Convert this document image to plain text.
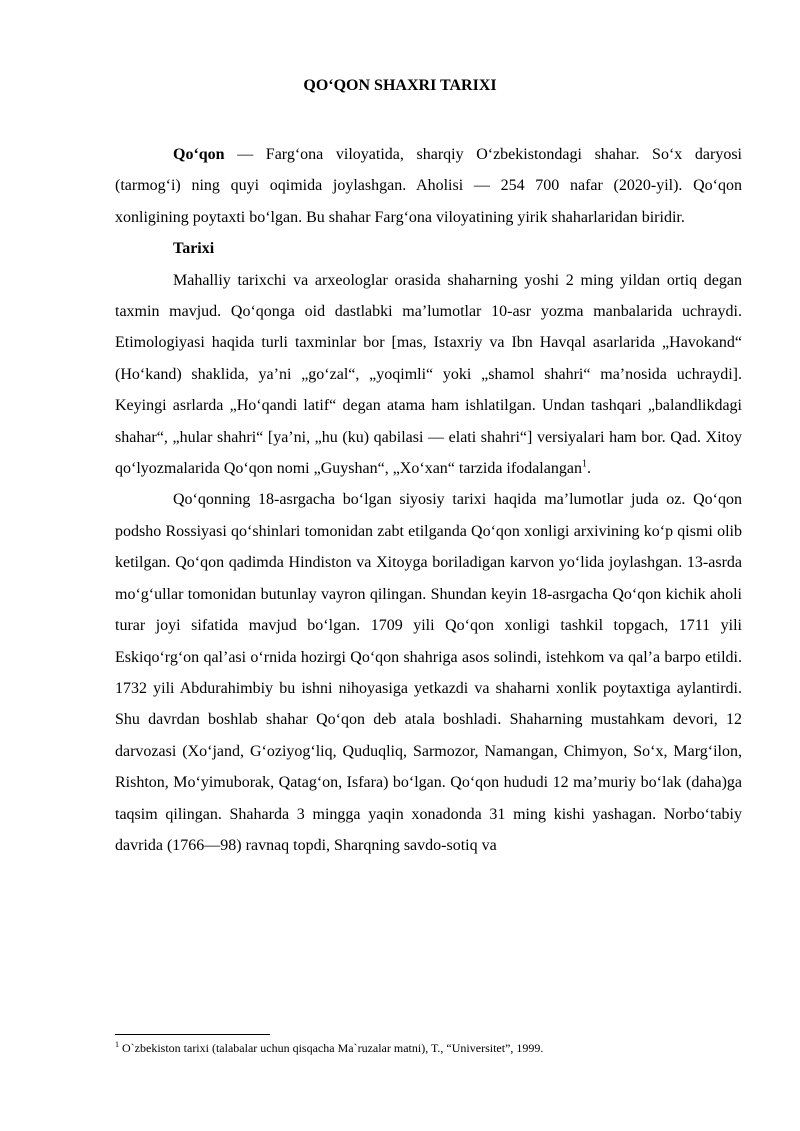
QO‘QON SHAXRI TARIXI

Qo‘qon — Farg‘ona viloyatida, sharqiy O‘zbekistondagi shahar. So‘x daryosi (tarmog‘i) ning quyi oqimida joylashgan. Aholisi — 254 700 nafar (2020-yil). Qo‘qon xonligining poytaxti bo‘lgan. Bu shahar Farg‘ona viloyatining yirik shaharlaridan biridir.

Tarixi

Mahalliy tarixchi va arxeologlar orasida shaharning yoshi 2 ming yildan ortiq degan taxmin mavjud. Qo‘qonga oid dastlabki ma’lumotlar 10-asr yozma manbalarida uchraydi. Etimologiyasi haqida turli taxminlar bor [mas, Istaxriy va Ibn Havqal asarlarida „Havokand“ (Ho‘kand) shaklida, ya’ni „go‘zal“, „yoqimli“ yoki „shamol shahri“ ma’nosida uchraydi]. Keyingi asrlarda „Ho‘qandi latif“ degan atama ham ishlatilgan. Undan tashqari „balandlikdagi shahar“, „hular shahri“ [ya’ni, „hu (ku) qabilasi — elati shahri“] versiyalari ham bor. Qad. Xitoy qo‘lyozmalarida Qo‘qon nomi „Guyshan“, „Xo‘xan“ tarzida ifodalangan$^1$.

Qo‘qonning 18-asrgacha bo‘lgan siyosiy tarixi haqida ma’lumotlar juda oz. Qo‘qon podsho Rossiyasi qo‘shinlari tomonidan zabt etilganda Qo‘qon xonligi arxivining ko‘p qismi olib ketilgan. Qo‘qon qadimda Hindiston va Xitoyga boriladigan karvon yo‘lida joylashgan. 13-asrda mo‘g‘ullar tomonidan butunlay vayron qilingan. Shundan keyin 18-asrgacha Qo‘qon kichik aholi turar joyi sifatida mavjud bo‘lgan. 1709 yili Qo‘qon xonligi tashkil topgach, 1711 yili Eskiqo‘rg‘on qal’asi o‘rnida hozirgi Qo‘qon shahriga asos solindi, istehkom va qal’a barpo etildi. 1732 yili Abdurahimbiy bu ishni nihoyasiga yetkazdi va shaharni xonlik poytaxtiga aylantirdi. Shu davrdan boshlab shahar Qo‘qon deb atala boshladi. Shaharning mustahkam devori, 12 darvozasi (Xo‘jand, G‘oziyog‘liq, Quduqliq, Sarmozor, Namangan, Chimyon, So‘x, Marg‘ilon, Rishton, Mo‘yimuborak, Qatag‘on, Isfara) bo‘lgan. Qo‘qon hududi 12 ma’muriy bo‘lak (daha)ga taqsim qilingan. Shaharda 3 mingga yaqin xonadonda 31 ming kishi yashagan. Norbo‘tabiy davrida (1766—98) ravnaq topdi, Sharqning savdo-sotiq va

$^1$ O`zbekiston tarixi (talabalar uchun qisqacha Ma`ruzalar matni), T., “Universitet”, 1999.
